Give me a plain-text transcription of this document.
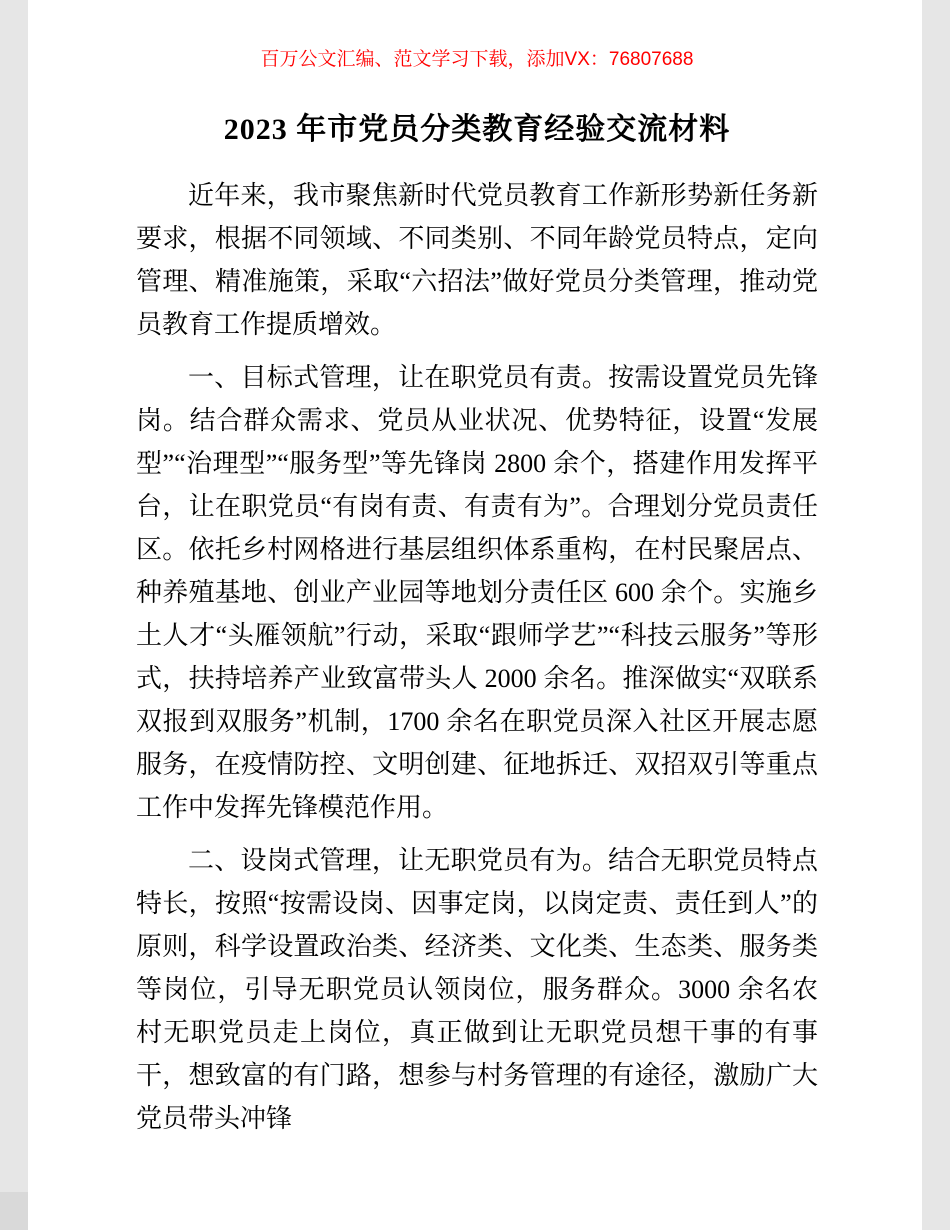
百万公文汇编、范文学习下载，添加VX：76807688
2023 年市党员分类教育经验交流材料

近年来，我市聚焦新时代党员教育工作新形势新任务新要求，根据不同领域、不同类别、不同年龄党员特点，定向管理、精准施策，采取“六招法”做好党员分类管理，推动党员教育工作提质增效。

一、目标式管理，让在职党员有责。按需设置党员先锋岗。结合群众需求、党员从业状况、优势特征，设置“发展型”“治理型”“服务型”等先锋岗 2800 余个，搭建作用发挥平台，让在职党员“有岗有责、有责有为”。合理划分党员责任区。依托乡村网格进行基层组织体系重构，在村民聚居点、种养殖基地、创业产业园等地划分责任区 600 余个。实施乡土人才“头雁领航”行动，采取“跟师学艺”“科技云服务”等形式，扶持培养产业致富带头人 2000 余名。推深做实“双联系双报到双服务”机制，1700 余名在职党员深入社区开展志愿服务，在疫情防控、文明创建、征地拆迁、双招双引等重点工作中发挥先锋模范作用。

二、设岗式管理，让无职党员有为。结合无职党员特点特长，按照“按需设岗、因事定岗，以岗定责、责任到人”的原则，科学设置政治类、经济类、文化类、生态类、服务类等岗位，引导无职党员认领岗位，服务群众。3000 余名农村无职党员走上岗位，真正做到让无职党员想干事的有事干，想致富的有门路，想参与村务管理的有途径，激励广大党员带头冲锋
